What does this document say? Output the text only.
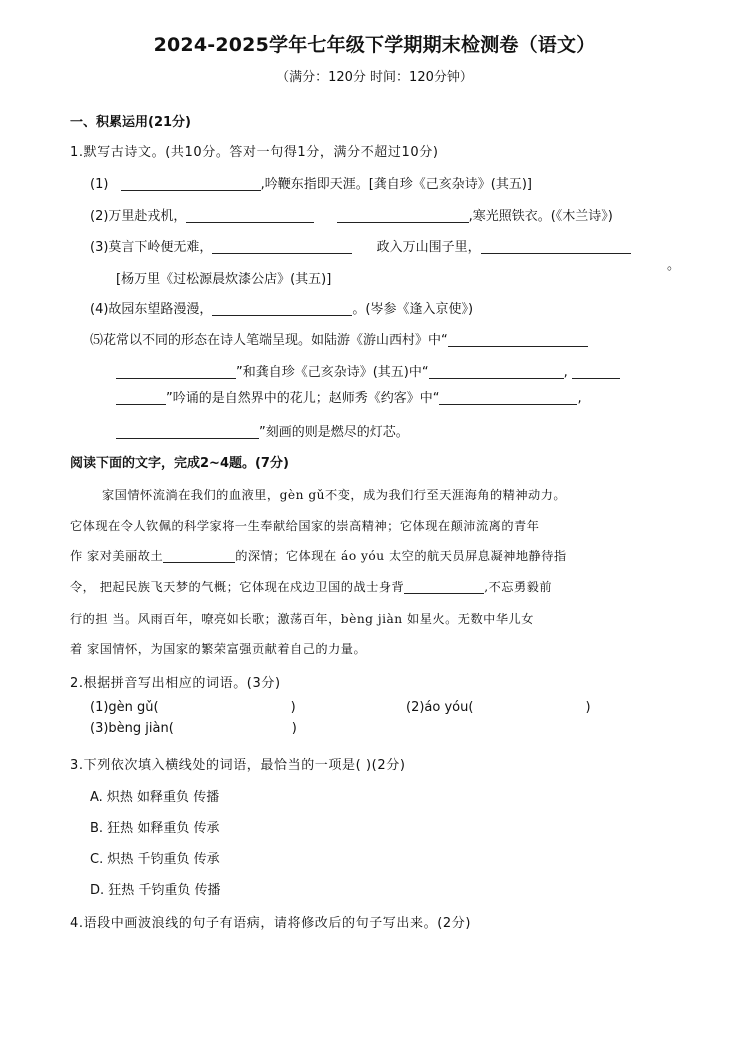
2024-2025学年七年级下学期期末检测卷（语文）
（满分：120分 时间：120分钟）
一、积累运用(21分)
1.默写古诗文。(共10分。答对一句得1分，满分不超过10分)
(1)	,吟鞭东指即天涯。[龚自珍《己亥杂诗》(其五)]
(2)万里赴戎机，	,寒光照铁衣。(《木兰诗》)
(3)莫言下岭便无难，	政入万山围子里，
。
[杨万里《过松源晨炊漆公店》(其五)]
(4)故园东望路漫漫，	。(岑参《逢入京使》)
⑸花常以不同的形态在诗人笔端呈现。如陆游《游山西村》中“
”和龚自珍《己亥杂诗》(其五)中“	,
”吟诵的是自然界中的花儿；赵师秀《约客》中“	,
”刻画的则是燃尽的灯芯。
阅读下面的文字，完成2~4题。(7分)
家国情怀流淌在我们的血液里，gèn gǔ不变，成为我们行至天涯海角的精神动力。
它体现在令人钦佩的科学家将一生奉献给国家的崇高精神；它体现在颠沛流离的青年
作 家对美丽故土	的深情；它体现在 áo yóu 太空的航天员屏息凝神地静待指
令， 把起民族飞天梦的气概；它体现在戍边卫国的战士身背	,不忘勇毅前
行的担 当。风雨百年，嘹亮如长歌；激荡百年，bèng jiàn 如星火。无数中华儿女
着 家国情怀，为国家的繁荣富强贡献着自己的力量。
2.根据拼音写出相应的词语。(3分)
(1)gèn gǔ(	)	(2)áo yóu(	)
(3)bèng jiàn(	)
3.下列依次填入横线处的词语，最恰当的一项是( )(2分)
A. 炽热 如释重负 传播
B. 狂热 如释重负 传承
C. 炽热 千钧重负 传承
D. 狂热 千钧重负 传播
4.语段中画波浪线的句子有语病，请将修改后的句子写出来。(2分)
